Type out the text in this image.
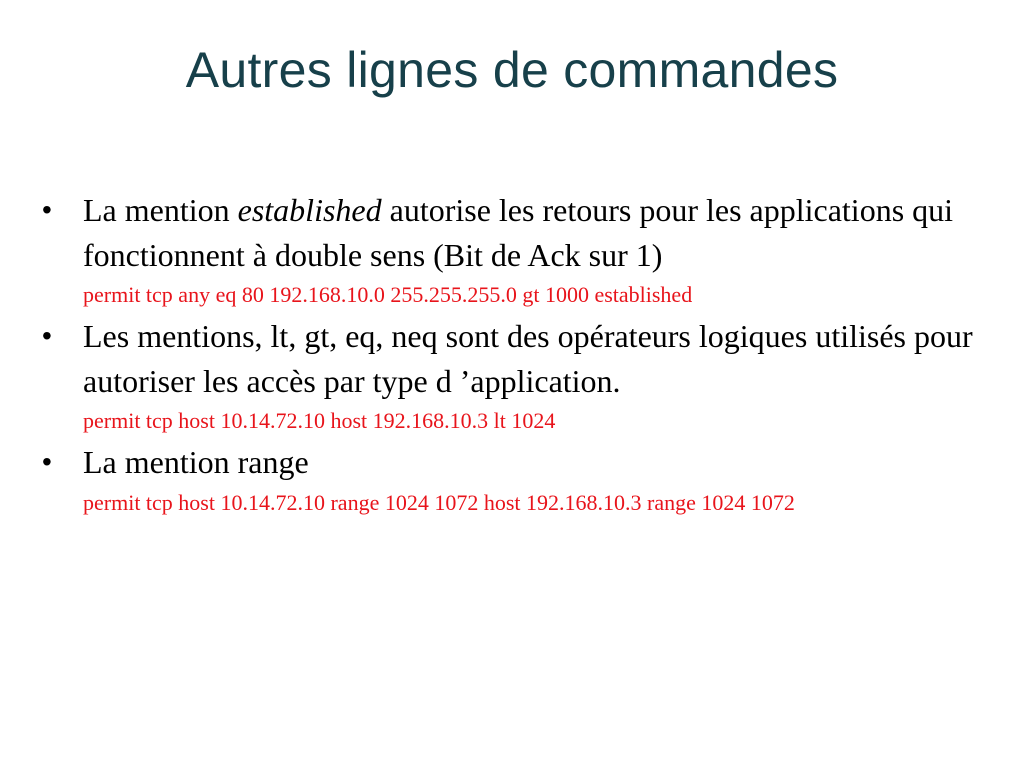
Autres lignes de commandes
• La mention established autorise les retours pour les applications qui fonctionnent à double sens (Bit de Ack sur 1)
permit tcp any eq 80 192.168.10.0 255.255.255.0 gt 1000 established
• Les mentions, lt, gt, eq, neq sont des opérateurs logiques utilisés pour autoriser les accès par type d ’application.
permit tcp host 10.14.72.10 host 192.168.10.3 lt 1024
• La mention range
permit tcp host 10.14.72.10 range 1024 1072 host 192.168.10.3 range 1024 1072
